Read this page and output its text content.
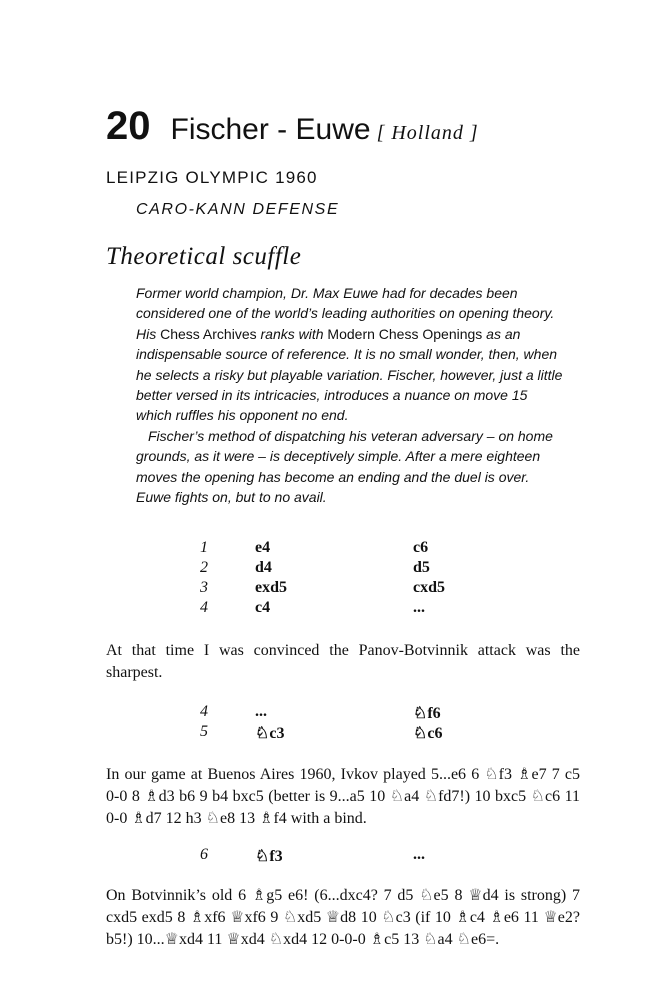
20 Fischer - Euwe [ Holland ]
LEIPZIG OLYMPIC 1960
CARO-KANN DEFENSE
Theoretical scuffle

Former world champion, Dr. Max Euwe had for decades been considered one of the world’s leading authorities on opening theory. His Chess Archives ranks with Modern Chess Openings as an indispensable source of reference. It is no small wonder, then, when he selects a risky but playable variation. Fischer, however, just a little better versed in its intricacies, introduces a nuance on move 15 which ruffles his opponent no end.

Fischer’s method of dispatching his veteran adversary – on home grounds, as it were – is deceptively simple. After a mere eighteen moves the opening has become an ending and the duel is over. Euwe fights on, but to no avail.

1	e4	c6
2	d4	d5
3	exd5	cxd5
4	c4	...
At that time I was convinced the Panov-Botvinnik attack was the sharpest.
4	...	♘f6
5	♘c3	♘c6
In our game at Buenos Aires 1960, Ivkov played 5...e6 6 ♘f3 ♗e7 7 c5 0-0 8 ♗d3 b6 9 b4 bxc5 (better is 9...a5 10 ♘a4 ♘fd7!) 10 bxc5 ♘c6 11 0-0 ♗d7 12 h3 ♘e8 13 ♗f4 with a bind.
6	♘f3	...
On Botvinnik’s old 6 ♗g5 e6! (6...dxc4? 7 d5 ♘e5 8 ♕d4 is strong) 7 cxd5 exd5 8 ♗xf6 ♕xf6 9 ♘xd5 ♕d8 10 ♘c3 (if 10 ♗c4 ♗e6 11 ♕e2? b5!) 10...♕xd4 11 ♕xd4 ♘xd4 12 0-0-0 ♗c5 13 ♘a4 ♘e6=.
